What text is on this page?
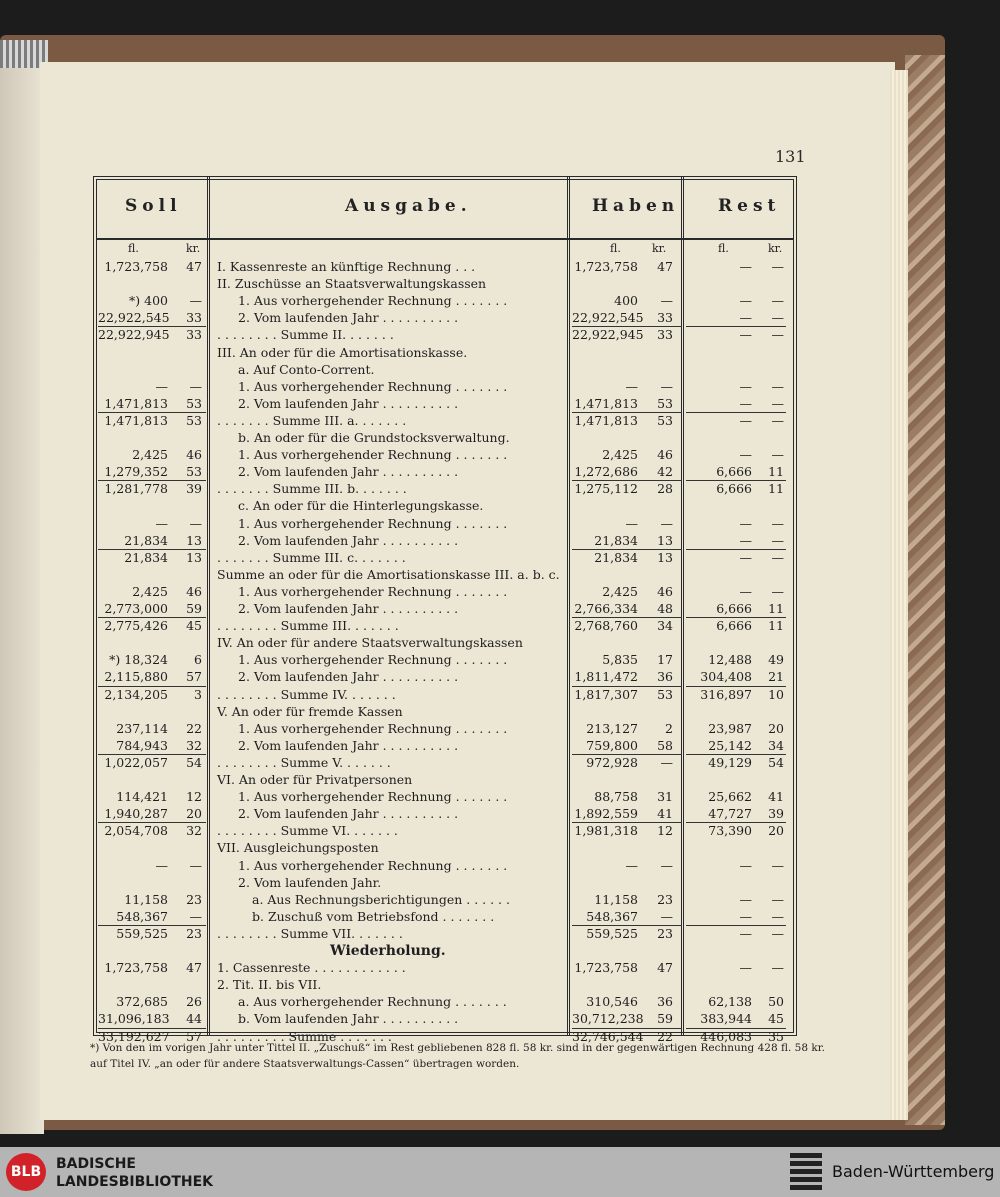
131
Soll	Ausgabe.	Haben Rest
fl.	kr.	fl.	kr.	fl.	kr.
I. Kassenreste an künftige Rechnung . . .
1,723,758	47	1,723,758	47	—	—
II. Zuschüsse an Staatsverwaltungskassen
1. Aus vorhergehender Rechnung . . . . . . .
*) 400	—	400	—	—	—
2. Vom laufenden Jahr . . . . . . . . . .
22,922,545	33	22,922,545	33	—	—
. . . . . . . . Summe II. . . . . . .
22,922,945	33	22,922,945	33	—	—
III. An oder für die Amortisationskasse.
a. Auf Conto-Corrent.
1. Aus vorhergehender Rechnung . . . . . . .
—	—	—	—	—	—
2. Vom laufenden Jahr . . . . . . . . . .
1,471,813	53	1,471,813	53	—	—
. . . . . . . Summe III. a. . . . . . .
1,471,813	53	1,471,813	53	—	—
b. An oder für die Grundstocksverwaltung.
1. Aus vorhergehender Rechnung . . . . . . .
2,425	46	2,425	46	—	—
2. Vom laufenden Jahr . . . . . . . . . .
1,279,352	53	1,272,686	42	6,666	11
. . . . . . . Summe III. b. . . . . . .
1,281,778	39	1,275,112	28	6,666	11
c. An oder für die Hinterlegungskasse.
1. Aus vorhergehender Rechnung . . . . . . .
—	—	—	—	—	—
2. Vom laufenden Jahr . . . . . . . . . .
21,834	13	21,834	13	—	—
. . . . . . . Summe III. c. . . . . . .
21,834	13	21,834	13	—	—
Summe an oder für die Amortisationskasse III. a. b. c.
1. Aus vorhergehender Rechnung . . . . . . .
2,425	46	2,425	46	—	—
2. Vom laufenden Jahr . . . . . . . . . .
2,773,000	59	2,766,334	48	6,666	11
. . . . . . . . Summe III. . . . . . .
2,775,426	45	2,768,760	34	6,666	11
IV. An oder für andere Staatsverwaltungskassen
1. Aus vorhergehender Rechnung . . . . . . .
*) 18,324	6	5,835	17	12,488	49
2. Vom laufenden Jahr . . . . . . . . . .
2,115,880	57	1,811,472	36	304,408	21
. . . . . . . . Summe IV. . . . . . .
2,134,205	3	1,817,307	53	316,897	10
V. An oder für fremde Kassen
1. Aus vorhergehender Rechnung . . . . . . .
237,114	22	213,127	2	23,987	20
2. Vom laufenden Jahr . . . . . . . . . .
784,943	32	759,800	58	25,142	34
. . . . . . . . Summe V. . . . . . .
1,022,057	54	972,928	—	49,129	54
VI. An oder für Privatpersonen
1. Aus vorhergehender Rechnung . . . . . . .
114,421	12	88,758	31	25,662	41
2. Vom laufenden Jahr . . . . . . . . . .
1,940,287	20	1,892,559	41	47,727	39
. . . . . . . . Summe VI. . . . . . .
2,054,708	32	1,981,318	12	73,390	20
VII. Ausgleichungsposten
1. Aus vorhergehender Rechnung . . . . . . .
—	—	—	—	—	—
2. Vom laufenden Jahr.
a. Aus Rechnungsberichtigungen . . . . . .
11,158	23	11,158	23	—	—
b. Zuschuß vom Betriebsfond . . . . . . .
548,367	—	548,367	—	—	—
. . . . . . . . Summe VII. . . . . . .
559,525	23	559,525	23	—	—
Wiederholung.
1. Cassenreste . . . . . . . . . . . .
1,723,758	47	1,723,758	47	—	—
2. Tit. II. bis VII.
a. Aus vorhergehender Rechnung . . . . . . .
372,685	26	310,546	36	62,138	50
b. Vom laufenden Jahr . . . . . . . . . .
31,096,183	44	30,712,238	59	383,944	45
. . . . . . . . . Summe . . . . . . .
33,192,627	57	32,746,544	22	446,083	35
*) Von den im vorigen Jahr unter Tittel II. „Zuschuß“ im Rest gebliebenen 828 fl. 58 kr. sind in der gegenwärtigen Rechnung 428 fl. 58 kr.
auf Titel IV. „an oder für andere Staatsverwaltungs-Cassen“ übertragen worden.
BLB	BADISCHE
LANDESBIBLIOTHEK
Baden-Württemberg
